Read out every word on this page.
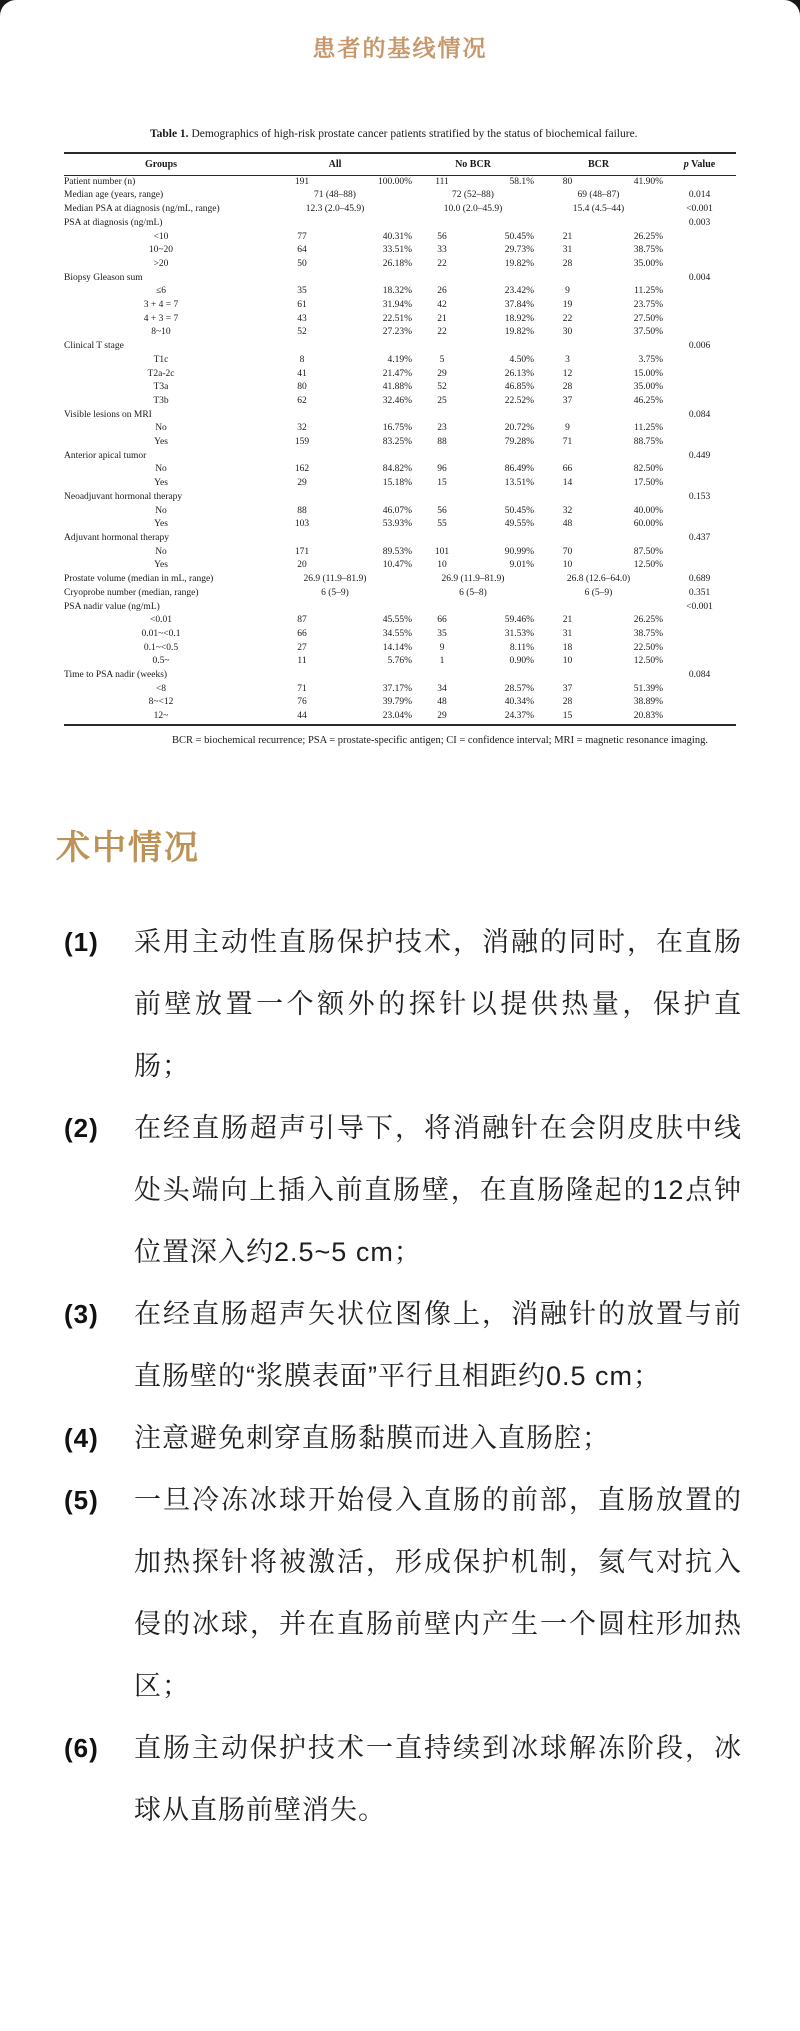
患者的基线情况

Table 1. Demographics of high-risk prostate cancer patients stratified by the status of biochemical failure.

Groups	All		No BCR		BCR		p Value
Patient number (n)	191	100.00%	111	58.1%	80	41.90%	
Median age (years, range)	71 (48–88)		72 (52–88)		69 (48–87)		0.014
Median PSA at diagnosis (ng/mL, range)	12.3 (2.0–45.9)		10.0 (2.0–45.9)		15.4 (4.5–44)		<0.001
PSA at diagnosis (ng/mL)							0.003
<10	77	40.31%	56	50.45%	21	26.25%	
10~20	64	33.51%	33	29.73%	31	38.75%	
>20	50	26.18%	22	19.82%	28	35.00%	
Biopsy Gleason sum							0.004
≤6	35	18.32%	26	23.42%	9	11.25%	
3 + 4 = 7	61	31.94%	42	37.84%	19	23.75%	
4 + 3 = 7	43	22.51%	21	18.92%	22	27.50%	
8~10	52	27.23%	22	19.82%	30	37.50%	
Clinical T stage							0.006
T1c	8	4.19%	5	4.50%	3	3.75%	
T2a-2c	41	21.47%	29	26.13%	12	15.00%	
T3a	80	41.88%	52	46.85%	28	35.00%	
T3b	62	32.46%	25	22.52%	37	46.25%	
Visible lesions on MRI							0.084
No	32	16.75%	23	20.72%	9	11.25%	
Yes	159	83.25%	88	79.28%	71	88.75%	
Anterior apical tumor							0.449
No	162	84.82%	96	86.49%	66	82.50%	
Yes	29	15.18%	15	13.51%	14	17.50%	
Neoadjuvant hormonal therapy							0.153
No	88	46.07%	56	50.45%	32	40.00%	
Yes	103	53.93%	55	49.55%	48	60.00%	
Adjuvant hormonal therapy							0.437
No	171	89.53%	101	90.99%	70	87.50%	
Yes	20	10.47%	10	9.01%	10	12.50%	
Prostate volume (median in mL, range)	26.9 (11.9–81.9)		26.9 (11.9–81.9)		26.8 (12.6–64.0)		0.689
Cryoprobe number (median, range)	6 (5–9)		6 (5–8)		6 (5–9)		0.351
PSA nadir value (ng/mL)							<0.001
<0.01	87	45.55%	66	59.46%	21	26.25%	
0.01~<0.1	66	34.55%	35	31.53%	31	38.75%	
0.1~<0.5	27	14.14%	9	8.11%	18	22.50%	
0.5~	11	5.76%	1	0.90%	10	12.50%	
Time to PSA nadir (weeks)							0.084
<8	71	37.17%	34	28.57%	37	51.39%	
8~<12	76	39.79%	48	40.34%	28	38.89%	
12~	44	23.04%	29	24.37%	15	20.83%	

BCR = biochemical recurrence; PSA = prostate-specific antigen; CI = confidence interval; MRI = magnetic resonance imaging.

术中情况
(1)	采用主动性直肠保护技术，消融的同时，在直肠前壁放置一个额外的探针以提供热量，保护直肠；
(2)	在经直肠超声引导下，将消融针在会阴皮肤中线处头端向上插入前直肠壁，在直肠隆起的12点钟位置深入约2.5~5 cm；
(3)	在经直肠超声矢状位图像上，消融针的放置与前直肠壁的“浆膜表面”平行且相距约0.5 cm；
(4)	注意避免刺穿直肠黏膜而进入直肠腔；
(5)	一旦冷冻冰球开始侵入直肠的前部，直肠放置的加热探针将被激活，形成保护机制，氦气对抗入侵的冰球，并在直肠前壁内产生一个圆柱形加热区；
(6)	直肠主动保护技术一直持续到冰球解冻阶段，冰球从直肠前壁消失。
